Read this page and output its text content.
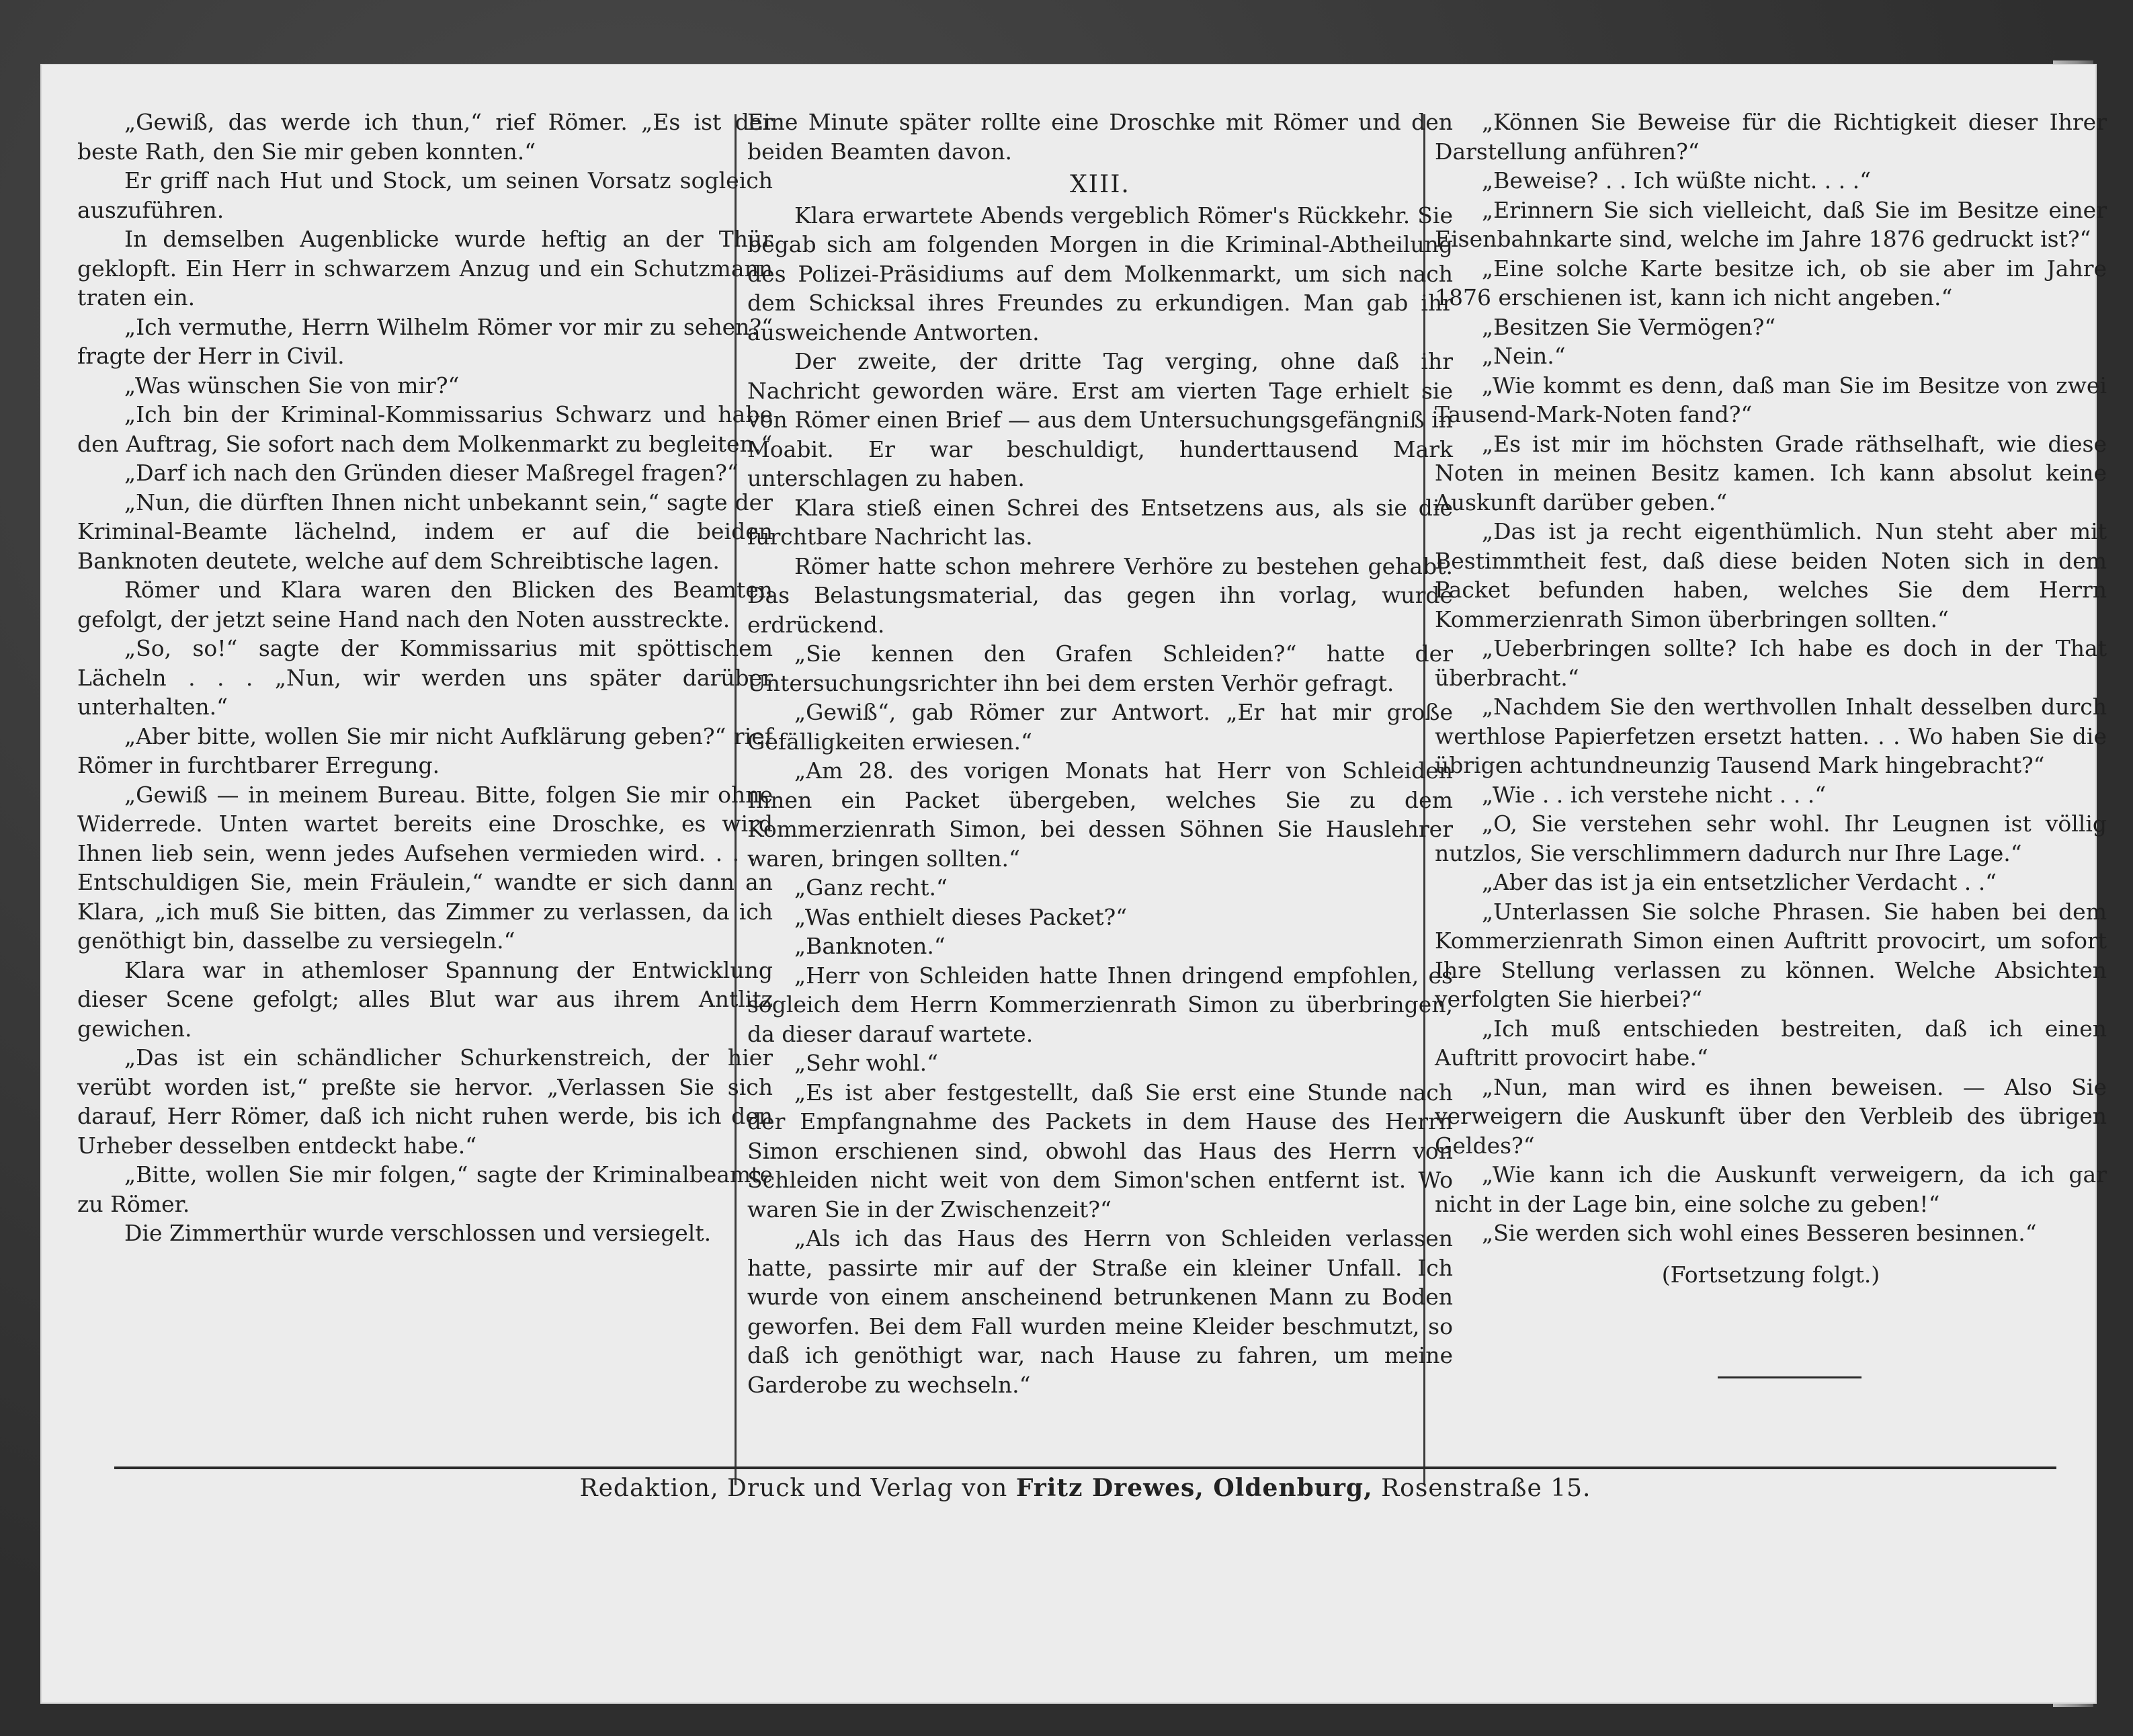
„Gewiß, das werde ich thun,“ rief Römer. „Es ist der beste Rath, den Sie mir geben konnten.“

Er griff nach Hut und Stock, um seinen Vorsatz sogleich auszuführen.

In demselben Augenblicke wurde heftig an der Thür geklopft. Ein Herr in schwarzem Anzug und ein Schutzmann traten ein.

„Ich vermuthe, Herrn Wilhelm Römer vor mir zu sehen?“ fragte der Herr in Civil.

„Was wünschen Sie von mir?“

„Ich bin der Kriminal-Kommissarius Schwarz und habe den Auftrag, Sie sofort nach dem Molkenmarkt zu begleiten.“

„Darf ich nach den Gründen dieser Maßregel fragen?“

„Nun, die dürften Ihnen nicht unbekannt sein,“ sagte der Kriminal-Beamte lächelnd, indem er auf die beiden Banknoten deutete, welche auf dem Schreibtische lagen.

Römer und Klara waren den Blicken des Beamten gefolgt, der jetzt seine Hand nach den Noten ausstreckte.

„So, so!“ sagte der Kommissarius mit spöttischem Lächeln . . . „Nun, wir werden uns später darüber unterhalten.“

„Aber bitte, wollen Sie mir nicht Aufklärung geben?“ rief Römer in furchtbarer Erregung.

„Gewiß — in meinem Bureau. Bitte, folgen Sie mir ohne Widerrede. Unten wartet bereits eine Droschke, es wird Ihnen lieb sein, wenn jedes Aufsehen vermieden wird. . . . . Entschuldigen Sie, mein Fräulein,“ wandte er sich dann an Klara, „ich muß Sie bitten, das Zimmer zu verlassen, da ich genöthigt bin, dasselbe zu versiegeln.“

Klara war in athemloser Spannung der Entwicklung dieser Scene gefolgt; alles Blut war aus ihrem Antlitz gewichen.

„Das ist ein schändlicher Schurkenstreich, der hier verübt worden ist,“ preßte sie hervor. „Verlassen Sie sich darauf, Herr Römer, daß ich nicht ruhen werde, bis ich den Urheber desselben entdeckt habe.“

„Bitte, wollen Sie mir folgen,“ sagte der Kriminalbeamte zu Römer.

Die Zimmerthür wurde verschlossen und versiegelt.

Eine Minute später rollte eine Droschke mit Römer und den beiden Beamten davon.

XIII.

Klara erwartete Abends vergeblich Römer's Rückkehr. Sie begab sich am folgenden Morgen in die Kriminal-Abtheilung des Polizei-Präsidiums auf dem Molkenmarkt, um sich nach dem Schicksal ihres Freundes zu erkundigen. Man gab ihr ausweichende Antworten.

Der zweite, der dritte Tag verging, ohne daß ihr Nachricht geworden wäre. Erst am vierten Tage erhielt sie von Römer einen Brief — aus dem Untersuchungsgefängniß in Moabit. Er war beschuldigt, hunderttausend Mark unterschlagen zu haben.

Klara stieß einen Schrei des Entsetzens aus, als sie die furchtbare Nachricht las.

Römer hatte schon mehrere Verhöre zu bestehen gehabt. Das Belastungsmaterial, das gegen ihn vorlag, wurde erdrückend.

„Sie kennen den Grafen Schleiden?“ hatte der Untersuchungsrichter ihn bei dem ersten Verhör gefragt.

„Gewiß“, gab Römer zur Antwort. „Er hat mir große Gefälligkeiten erwiesen.“

„Am 28. des vorigen Monats hat Herr von Schleiden Ihnen ein Packet übergeben, welches Sie zu dem Kommerzienrath Simon, bei dessen Söhnen Sie Hauslehrer waren, bringen sollten.“

„Ganz recht.“

„Was enthielt dieses Packet?“

„Banknoten.“

„Herr von Schleiden hatte Ihnen dringend empfohlen, es sogleich dem Herrn Kommerzienrath Simon zu überbringen, da dieser darauf wartete.

„Sehr wohl.“

„Es ist aber festgestellt, daß Sie erst eine Stunde nach der Empfangnahme des Packets in dem Hause des Herrn Simon erschienen sind, obwohl das Haus des Herrn von Schleiden nicht weit von dem Simon'schen entfernt ist. Wo waren Sie in der Zwischenzeit?“

„Als ich das Haus des Herrn von Schleiden verlassen hatte, passirte mir auf der Straße ein kleiner Unfall. Ich wurde von einem anscheinend betrunkenen Mann zu Boden geworfen. Bei dem Fall wurden meine Kleider beschmutzt, so daß ich genöthigt war, nach Hause zu fahren, um meine Garderobe zu wechseln.“

„Können Sie Beweise für die Richtigkeit dieser Ihrer Darstellung anführen?“

„Beweise? . . Ich wüßte nicht. . . .“

„Erinnern Sie sich vielleicht, daß Sie im Besitze einer Eisenbahnkarte sind, welche im Jahre 1876 gedruckt ist?“

„Eine solche Karte besitze ich, ob sie aber im Jahre 1876 erschienen ist, kann ich nicht angeben.“

„Besitzen Sie Vermögen?“

„Nein.“

„Wie kommt es denn, daß man Sie im Besitze von zwei Tausend-Mark-Noten fand?“

„Es ist mir im höchsten Grade räthselhaft, wie diese Noten in meinen Besitz kamen. Ich kann absolut keine Auskunft darüber geben.“

„Das ist ja recht eigenthümlich. Nun steht aber mit Bestimmtheit fest, daß diese beiden Noten sich in dem Packet befunden haben, welches Sie dem Herrn Kommerzienrath Simon überbringen sollten.“

„Ueberbringen sollte? Ich habe es doch in der That überbracht.“

„Nachdem Sie den werthvollen Inhalt desselben durch werthlose Papierfetzen ersetzt hatten. . . Wo haben Sie die übrigen achtundneunzig Tausend Mark hingebracht?“

„Wie . . ich verstehe nicht . . .“

„O, Sie verstehen sehr wohl. Ihr Leugnen ist völlig nutzlos, Sie verschlimmern dadurch nur Ihre Lage.“

„Aber das ist ja ein entsetzlicher Verdacht . .“

„Unterlassen Sie solche Phrasen. Sie haben bei dem Kommerzienrath Simon einen Auftritt provocirt, um sofort Ihre Stellung verlassen zu können. Welche Absichten verfolgten Sie hierbei?“

„Ich muß entschieden bestreiten, daß ich einen Auftritt provocirt habe.“

„Nun, man wird es ihnen beweisen. — Also Sie verweigern die Auskunft über den Verbleib des übrigen Geldes?“

„Wie kann ich die Auskunft verweigern, da ich gar nicht in der Lage bin, eine solche zu geben!“

„Sie werden sich wohl eines Besseren besinnen.“

(Fortsetzung folgt.)

Redaktion, Druck und Verlag von Fritz Drewes, Oldenburg, Rosenstraße 15.
